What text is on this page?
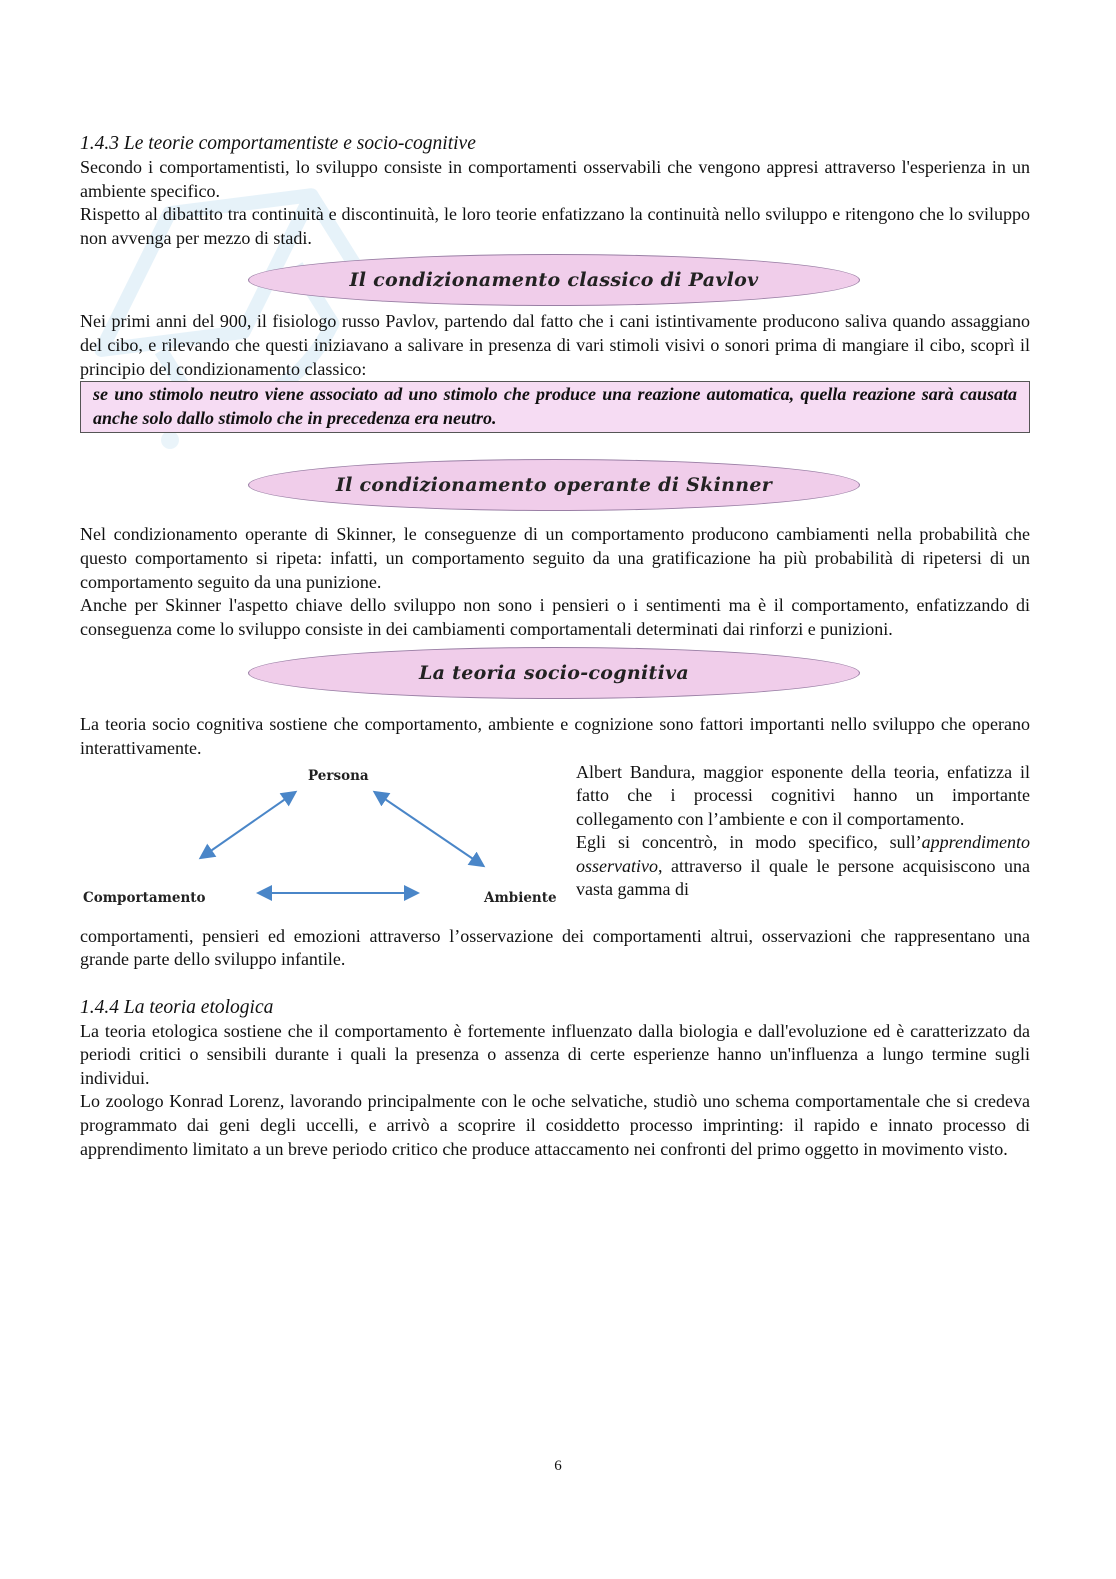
1.4.3 Le teorie comportamentiste e socio-cognitive

Secondo i comportamentisti, lo sviluppo consiste in comportamenti osservabili che vengono appresi attraverso l'esperienza in un ambiente specifico.

Rispetto al dibattito tra continuità e discontinuità, le loro teorie enfatizzano la continuità nello sviluppo e ritengono che lo sviluppo non avvenga per mezzo di stadi.

Il condizionamento classico di Pavlov

Nei primi anni del 900, il fisiologo russo Pavlov, partendo dal fatto che i cani istintivamente producono saliva quando assaggiano del cibo, e rilevando che questi iniziavano a salivare in presenza di vari stimoli visivi o sonori prima di mangiare il cibo, scoprì il principio del condizionamento classico:

se uno stimolo neutro viene associato ad uno stimolo che produce una reazione automatica, quella reazione sarà causata anche solo dallo stimolo che in precedenza era neutro.

Il condizionamento operante di Skinner

Nel condizionamento operante di Skinner, le conseguenze di un comportamento producono cambiamenti nella probabilità che questo comportamento si ripeta: infatti, un comportamento seguito da una gratificazione ha più probabilità di ripetersi di un comportamento seguito da una punizione.

Anche per Skinner l'aspetto chiave dello sviluppo non sono i pensieri o i sentimenti ma è il comportamento, enfatizzando di conseguenza come lo sviluppo consiste in dei cambiamenti comportamentali determinati dai rinforzi e punizioni.

La teoria socio-cognitiva

La teoria socio cognitiva sostiene che comportamento, ambiente e cognizione sono fattori importanti nello sviluppo che operano interattivamente.

Persona
Comportamento	Ambiente

Albert Bandura, maggior esponente della teoria, enfatizza il fatto che i processi cognitivi hanno un importante collegamento con l’ambiente e con il comportamento.

Egli si concentrò, in modo specifico, sull’apprendimento osservativo, attraverso il quale le persone acquisiscono una vasta gamma di

comportamenti, pensieri ed emozioni attraverso l’osservazione dei comportamenti altrui, osservazioni che rappresentano una grande parte dello sviluppo infantile.

1.4.4 La teoria etologica

La teoria etologica sostiene che il comportamento è fortemente influenzato dalla biologia e dall'evoluzione ed è caratterizzato da periodi critici o sensibili durante i quali la presenza o assenza di certe esperienze hanno un'influenza a lungo termine sugli individui.

Lo zoologo Konrad Lorenz, lavorando principalmente con le oche selvatiche, studiò uno schema comportamentale che si credeva programmato dai geni degli uccelli, e arrivò a scoprire il cosiddetto processo imprinting: il rapido e innato processo di apprendimento limitato a un breve periodo critico che produce attaccamento nei confronti del primo oggetto in movimento visto.

6
